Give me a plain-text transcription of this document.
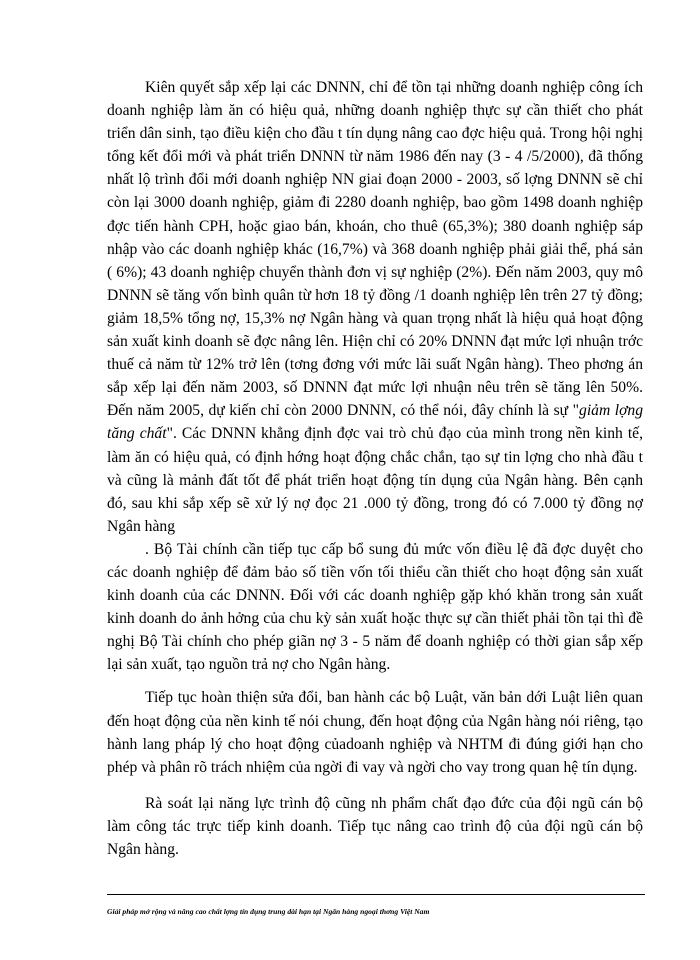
Kiên quyết sắp xếp lại các DNNN, chỉ để tồn tại những doanh nghiệp công ích doanh nghiệp làm ăn có hiệu quả, những doanh nghiệp thực sự cần thiết cho phát triển dân sinh, tạo điều kiện cho đầu t tín dụng nâng cao đợc hiệu quả. Trong hội nghị tổng kết đổi mới và phát triển DNNN từ năm 1986 đến nay (3 - 4 /5/2000), đã thống nhất lộ trình đổi mới doanh nghiệp NN giai đoạn 2000 - 2003, số lợng DNNN sẽ chỉ còn lại 3000 doanh nghiệp, giảm đi 2280 doanh nghiệp, bao gồm 1498 doanh nghiệp đợc tiến hành CPH, hoặc giao bán, khoán, cho thuê (65,3%); 380 doanh nghiệp sáp nhập vào các doanh nghiệp khác (16,7%) và 368 doanh nghiệp phải giải thể, phá sản ( 6%); 43 doanh nghiệp chuyển thành đơn vị sự nghiệp (2%). Đến năm 2003, quy mô DNNN sẽ tăng vốn bình quân từ hơn 18 tỷ đồng /1 doanh nghiệp lên trên 27 tỷ đồng; giảm 18,5% tổng nợ, 15,3% nợ Ngân hàng và quan trọng nhất là hiệu quả hoạt động sản xuất kinh doanh sẽ đợc nâng lên. Hiện chỉ có 20% DNNN đạt mức lợi nhuận trớc thuế cả năm từ 12% trở lên (tơng đơng với mức lãi suất Ngân hàng). Theo phơng án sắp xếp lại đến năm 2003, số DNNN đạt mức lợi nhuận nêu trên sẽ tăng lên 50%. Đến năm 2005, dự kiến chỉ còn 2000 DNNN, có thể nói, đây chính là sự "giảm lợng tăng chất". Các DNNN khẳng định đợc vai trò chủ đạo của mình trong nền kinh tế, làm ăn có hiệu quả, có định hớng hoạt động chắc chắn, tạo sự tin lợng cho nhà đầu t và cũng là mảnh đất tốt để phát triển hoạt động tín dụng của Ngân hàng. Bên cạnh đó, sau khi sắp xếp sẽ xử lý nợ đọc 21 .000 tỷ đồng, trong đó có 7.000 tỷ đồng nợ Ngân hàng

. Bộ Tài chính cần tiếp tục cấp bổ sung đủ mức vốn điều lệ đã đợc duyệt cho các doanh nghiệp để đảm bảo số tiền vốn tối thiểu cần thiết cho hoạt động sản xuất kinh doanh của các DNNN. Đối với các doanh nghiệp gặp khó khăn trong sản xuất kinh doanh do ảnh hởng của chu kỳ sản xuất hoặc thực sự cần thiết phải tồn tại thì đề nghị Bộ Tài chính cho phép giãn nợ 3 - 5 năm để doanh nghiệp có thời gian sắp xếp lại sản xuất, tạo nguồn trả nợ cho Ngân hàng.

Tiếp tục hoàn thiện sửa đổi, ban hành các bộ Luật, văn bản dới Luật liên quan đến hoạt động của nền kinh tế nói chung, đến hoạt động của Ngân hàng nói riêng, tạo hành lang pháp lý cho hoạt động củadoanh nghiệp và NHTM đi đúng giới hạn cho phép và phân rõ trách nhiệm của ngời đi vay và ngời cho vay trong quan hệ tín dụng.

Rà soát lại năng lực trình độ cũng nh phẩm chất đạo đức của đội ngũ cán bộ làm công tác trực tiếp kinh doanh. Tiếp tục nâng cao trình độ của đội ngũ cán bộ Ngân hàng.

Giải pháp mở rộng và nâng cao chất lợng tín dụng trung dài hạn tại Ngân hàng ngoại thơng Việt Nam
